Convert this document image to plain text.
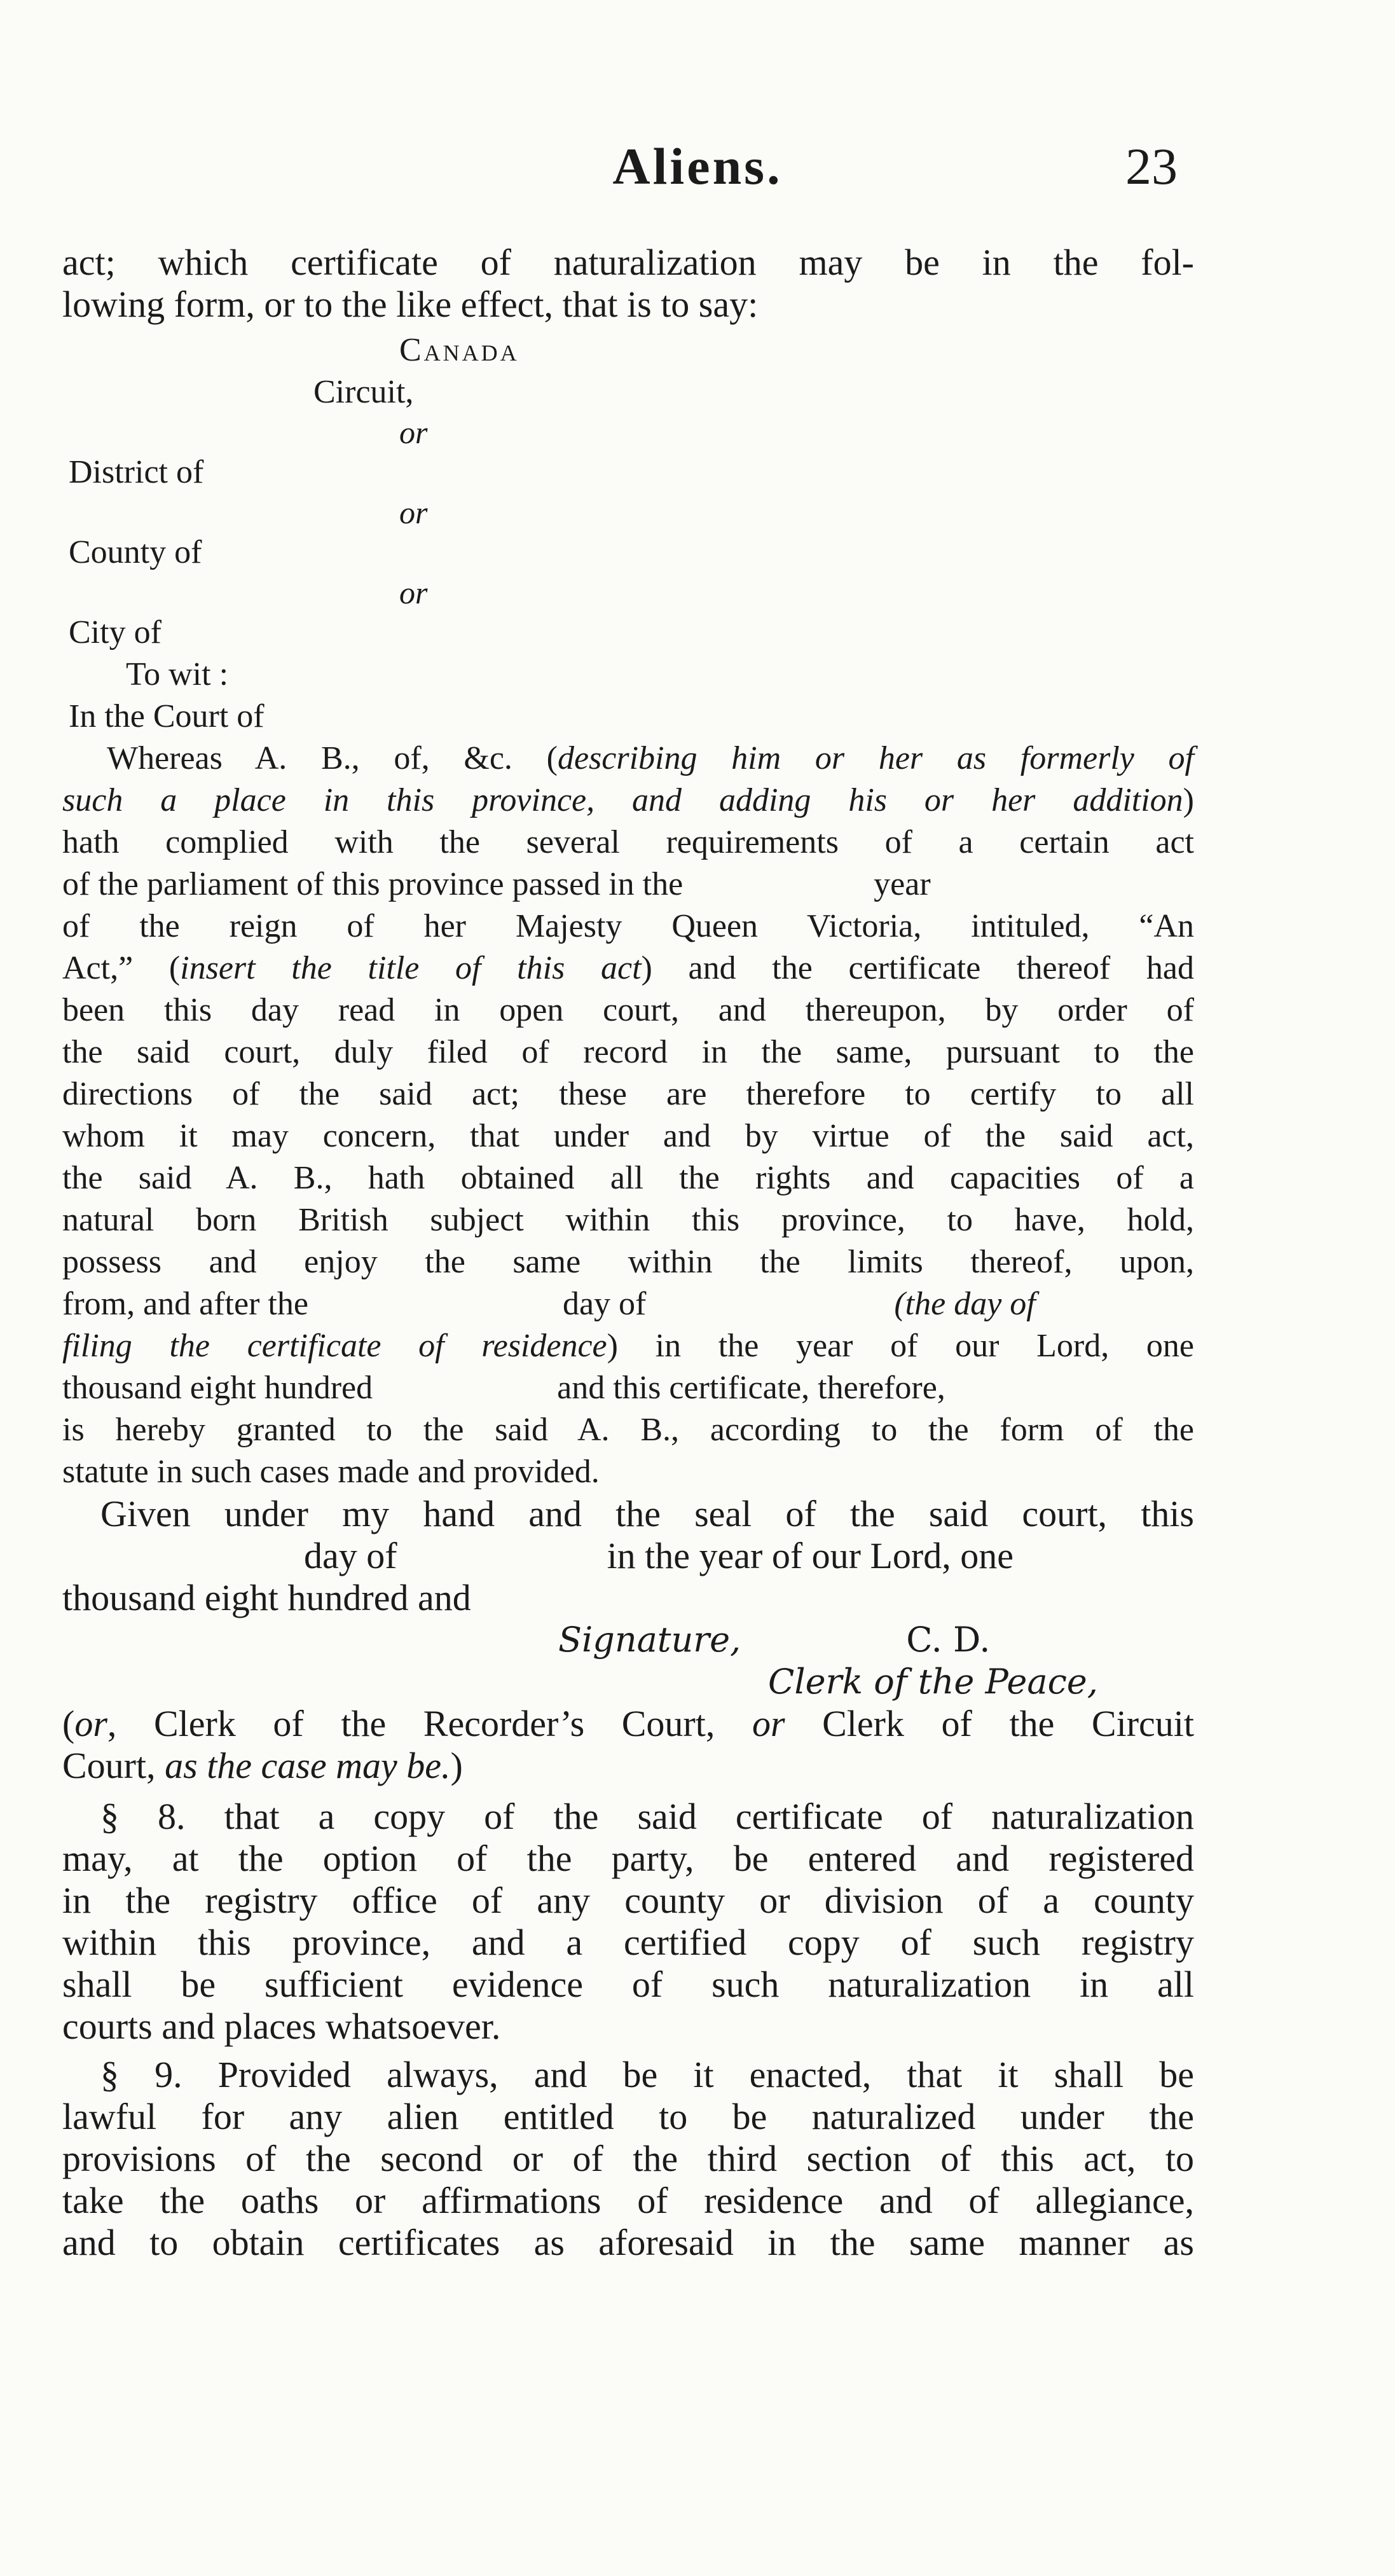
Aliens.	23
act; which certificate of naturalization may be in the fol-
lowing form, or to the like effect, that is to say:
Canada
Circuit,
or
District of
or
County of
or
City of
To wit :
In the Court of
Whereas A. B., of, &c. (describing him or her as formerly of
such a place in this province, and adding his or her addition)
hath complied with the several requirements of a certain act
of the parliament of this province passed in the	year
of the reign of her Majesty Queen Victoria, intituled, “An
Act,” (insert the title of this act) and the certificate thereof had
been this day read in open court, and thereupon, by order of
the said court, duly filed of record in the same, pursuant to the
directions of the said act; these are therefore to certify to all
whom it may concern, that under and by virtue of the said act,
the said A. B., hath obtained all the rights and capacities of a
natural born British subject within this province, to have, hold,
possess and enjoy the same within the limits thereof, upon,
from, and after the	day of	(the day of
filing the certificate of residence) in the year of our Lord, one
thousand eight hundred	and this certificate, therefore,
is hereby granted to the said A. B., according to the form of the
statute in such cases made and provided.
Given under my hand and the seal of the said court, this
day of	in the year of our Lord, one
thousand eight hundred and
Signature,	C. D.
Clerk of the Peace,
(or, Clerk of the Recorder’s Court, or Clerk of the Circuit
Court, as the case may be.)
§ 8. that a copy of the said certificate of naturalization
may, at the option of the party, be entered and registered
in the registry office of any county or division of a county
within this province, and a certified copy of such registry
shall be sufficient evidence of such naturalization in all
courts and places whatsoever.
§ 9. Provided always, and be it enacted, that it shall be
lawful for any alien entitled to be naturalized under the
provisions of the second or of the third section of this act, to
take the oaths or affirmations of residence and of allegiance,
and to obtain certificates as aforesaid in the same manner as
